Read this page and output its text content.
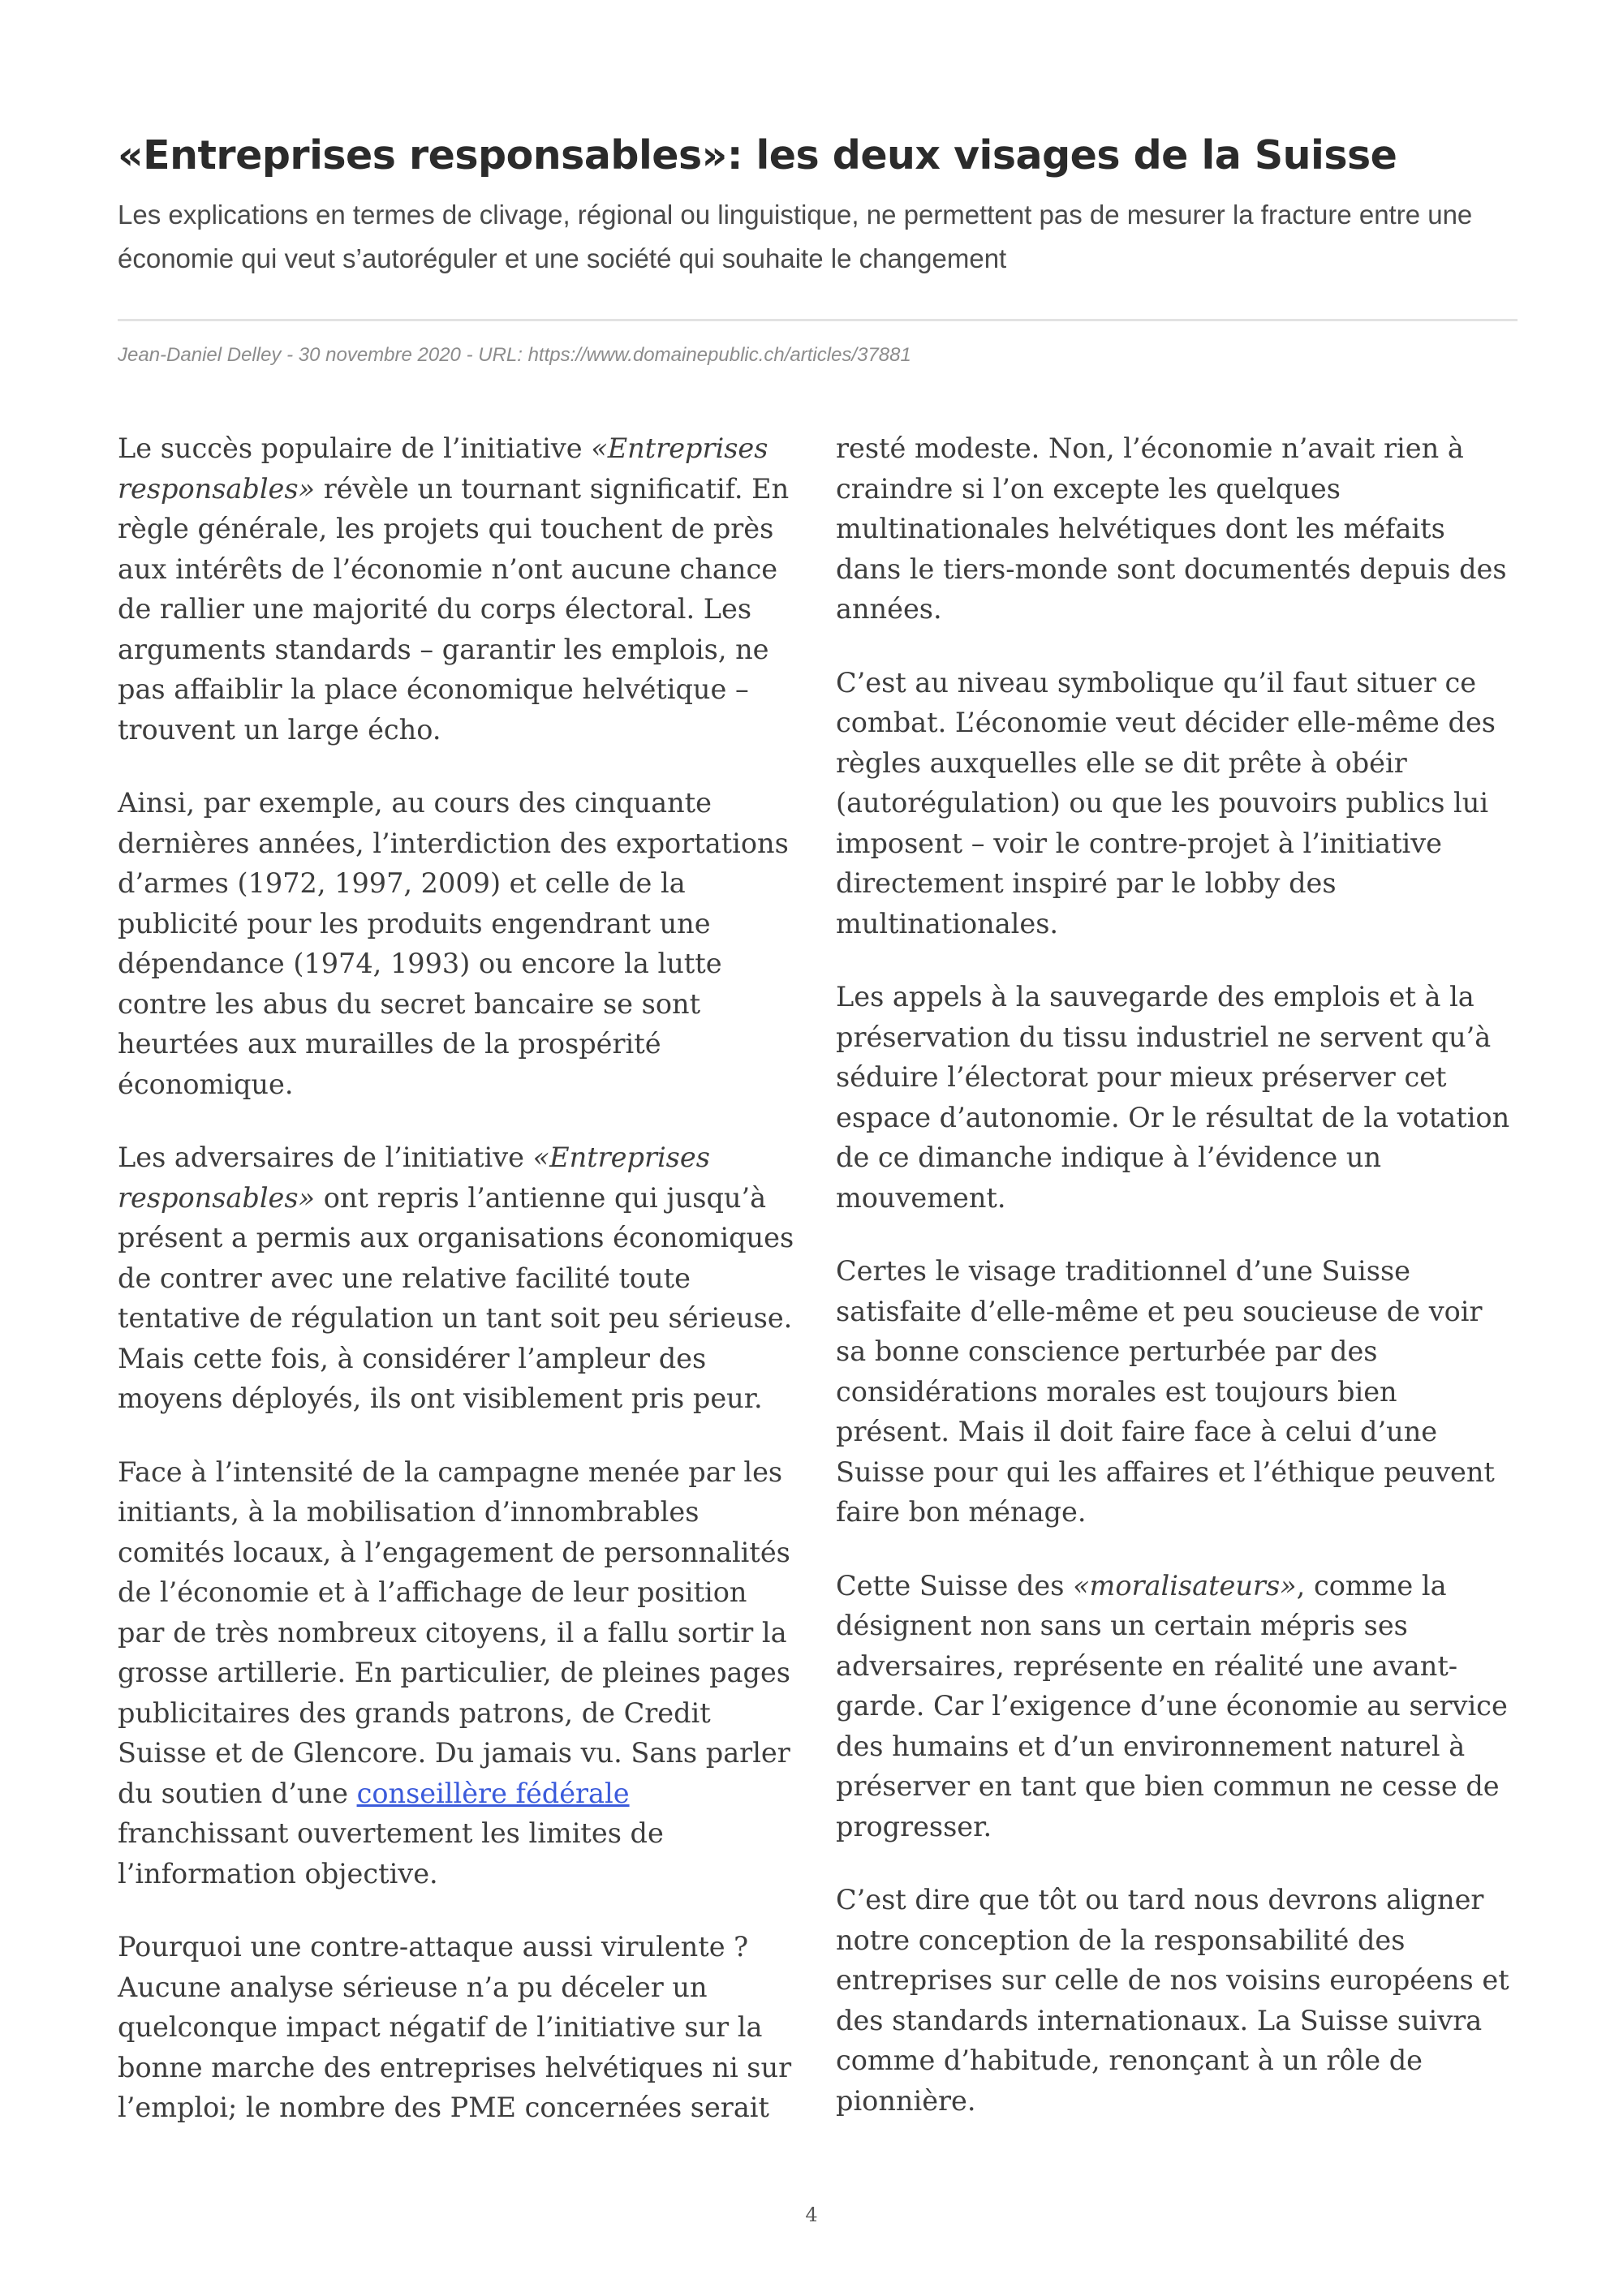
«Entreprises responsables»: les deux visages de la Suisse

Les explications en termes de clivage, régional ou linguistique, ne permettent pas de mesurer la fracture entre une économie qui veut s’autoréguler et une société qui souhaite le changement

Jean-Daniel Delley - 30 novembre 2020 - URL: https://www.domainepublic.ch/articles/37881

Le succès populaire de l’initiative «Entreprises responsables» révèle un tournant significatif. En règle générale, les projets qui touchent de près aux intérêts de l’économie n’ont aucune chance de rallier une majorité du corps électoral. Les arguments standards – garantir les emplois, ne pas affaiblir la place économique helvétique – trouvent un large écho.

Ainsi, par exemple, au cours des cinquante dernières années, l’interdiction des exportations d’armes (1972, 1997, 2009) et celle de la publicité pour les produits engendrant une dépendance (1974, 1993) ou encore la lutte contre les abus du secret bancaire se sont heurtées aux murailles de la prospérité économique.

Les adversaires de l’initiative «Entreprises responsables» ont repris l’antienne qui jusqu’à présent a permis aux organisations économiques de contrer avec une relative facilité toute tentative de régulation un tant soit peu sérieuse. Mais cette fois, à considérer l’ampleur des moyens déployés, ils ont visiblement pris peur.

Face à l’intensité de la campagne menée par les initiants, à la mobilisation d’innombrables comités locaux, à l’engagement de personnalités de l’économie et à l’affichage de leur position par de très nombreux citoyens, il a fallu sortir la grosse artillerie. En particulier, de pleines pages publicitaires des grands patrons, de Credit Suisse et de Glencore. Du jamais vu. Sans parler du soutien d’une conseillère fédérale franchissant ouvertement les limites de l’information objective.

Pourquoi une contre-attaque aussi virulente ? Aucune analyse sérieuse n’a pu déceler un quelconque impact négatif de l’initiative sur la bonne marche des entreprises helvétiques ni sur l’emploi; le nombre des PME concernées serait

resté modeste. Non, l’économie n’avait rien à craindre si l’on excepte les quelques multinationales helvétiques dont les méfaits dans le tiers-monde sont documentés depuis des années.

C’est au niveau symbolique qu’il faut situer ce combat. L’économie veut décider elle-même des règles auxquelles elle se dit prête à obéir (autorégulation) ou que les pouvoirs publics lui imposent – voir le contre-projet à l’initiative directement inspiré par le lobby des multinationales.

Les appels à la sauvegarde des emplois et à la préservation du tissu industriel ne servent qu’à séduire l’électorat pour mieux préserver cet espace d’autonomie. Or le résultat de la votation de ce dimanche indique à l’évidence un mouvement.

Certes le visage traditionnel d’une Suisse satisfaite d’elle-même et peu soucieuse de voir sa bonne conscience perturbée par des considérations morales est toujours bien présent. Mais il doit faire face à celui d’une Suisse pour qui les affaires et l’éthique peuvent faire bon ménage.

Cette Suisse des «moralisateurs», comme la désignent non sans un certain mépris ses adversaires, représente en réalité une avant-garde. Car l’exigence d’une économie au service des humains et d’un environnement naturel à préserver en tant que bien commun ne cesse de progresser.

C’est dire que tôt ou tard nous devrons aligner notre conception de la responsabilité des entreprises sur celle de nos voisins européens et des standards internationaux. La Suisse suivra comme d’habitude, renonçant à un rôle de pionnière.

4
